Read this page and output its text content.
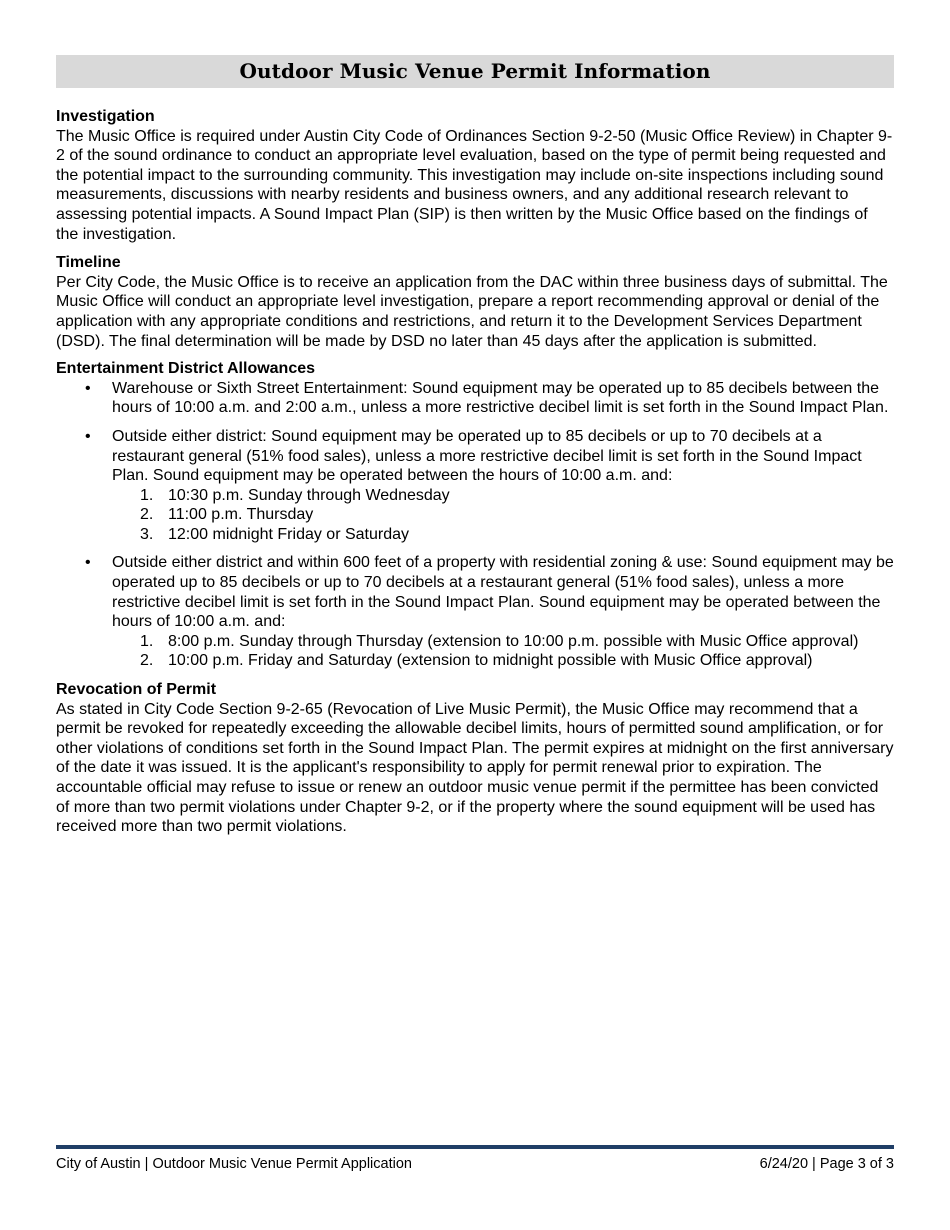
Outdoor Music Venue Permit Information
Investigation

The Music Office is required under Austin City Code of Ordinances Section 9-2-50 (Music Office Review) in Chapter 9-2 of the sound ordinance to conduct an appropriate level evaluation, based on the type of permit being requested and the potential impact to the surrounding community. This investigation may include on-site inspections including sound measurements, discussions with nearby residents and business owners, and any additional research relevant to assessing potential impacts. A Sound Impact Plan (SIP) is then written by the Music Office based on the findings of the investigation.

Timeline

Per City Code, the Music Office is to receive an application from the DAC within three business days of submittal. The Music Office will conduct an appropriate level investigation, prepare a report recommending approval or denial of the application with any appropriate conditions and restrictions, and return it to the Development Services Department (DSD). The final determination will be made by DSD no later than 45 days after the application is submitted.

Entertainment District Allowances
• Warehouse or Sixth Street Entertainment: Sound equipment may be operated up to 85 decibels between the hours of 10:00 a.m. and 2:00 a.m., unless a more restrictive decibel limit is set forth in the Sound Impact Plan.
• Outside either district: Sound equipment may be operated up to 85 decibels or up to 70 decibels at a restaurant general (51% food sales), unless a more restrictive decibel limit is set forth in the Sound Impact Plan. Sound equipment may be operated between the hours of 10:00 a.m. and:
1. 10:30 p.m. Sunday through Wednesday
2. 11:00 p.m. Thursday
3. 12:00 midnight Friday or Saturday
• Outside either district and within 600 feet of a property with residential zoning & use: Sound equipment may be operated up to 85 decibels or up to 70 decibels at a restaurant general (51% food sales), unless a more restrictive decibel limit is set forth in the Sound Impact Plan. Sound equipment may be operated between the hours of 10:00 a.m. and:
1. 8:00 p.m. Sunday through Thursday (extension to 10:00 p.m. possible with Music Office approval)
2. 10:00 p.m. Friday and Saturday (extension to midnight possible with Music Office approval)
Revocation of Permit

As stated in City Code Section 9-2-65 (Revocation of Live Music Permit), the Music Office may recommend that a permit be revoked for repeatedly exceeding the allowable decibel limits, hours of permitted sound amplification, or for other violations of conditions set forth in the Sound Impact Plan. The permit expires at midnight on the first anniversary of the date it was issued. It is the applicant's responsibility to apply for permit renewal prior to expiration. The accountable official may refuse to issue or renew an outdoor music venue permit if the permittee has been convicted of more than two permit violations under Chapter 9-2, or if the property where the sound equipment will be used has received more than two permit violations.

City of Austin | Outdoor Music Venue Permit Application	6/24/20 | Page 3 of 3
